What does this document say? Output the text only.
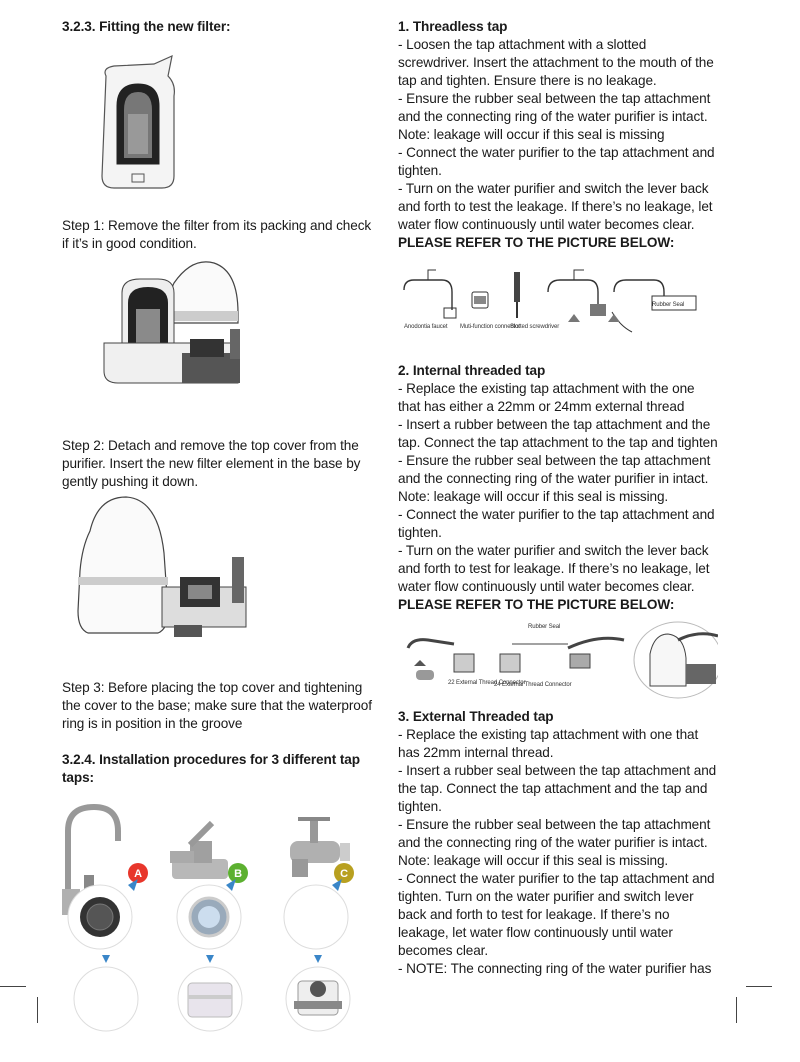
3.2.3. Fitting the new filter:

Step 1: Remove the filter from its packing and check if it’s in good condition.

Step 2: Detach and remove the top cover from the purifier. Insert the new filter element in the base by gently pushing it down.

Step 3: Before placing the top cover and tightening the cover to the base; make sure that the waterproof ring is in position in the groove

3.2.4. Installation procedures for 3 different tap taps:

A	B	C

1. Threadless tap

- Loosen the tap attachment with a slotted screwdriver. Insert the attachment to the mouth of the tap and tighten. Ensure there is no leakage.

- Ensure the rubber seal between the tap attachment and the connecting ring of the water purifier is intact.

Note: leakage will occur if this seal is missing

- Connect the water purifier to the tap attachment and tighten.

- Turn on the water purifier and switch the lever back and forth to test the leakage. If there’s no leakage, let water flow continuously until water becomes clear.

PLEASE REFER TO THE PICTURE BELOW:

Anodontia faucet Muti-function connector
Slotted screwdriver
Rubber Seal

2. Internal threaded tap

- Replace the existing tap attachment with the one that has either a 22mm or 24mm external thread

- Insert a rubber between the tap attachment and the tap. Connect the tap attachment to the tap and tighten

- Ensure the rubber seal between the tap attachment and the connecting ring of the water purifier in intact.

Note: leakage will occur if this seal is missing.

- Connect the water purifier to the tap attachment and tighten.

- Turn on the water purifier and switch the lever back and forth to test for leakage. If there’s no leakage, let water flow continuously until water becomes clear.

PLEASE REFER TO THE PICTURE BELOW:

22 External Thread Connector
24 External Thread Connector
Rubber Seal

3. External Threaded tap

- Replace the existing tap attachment with one that has 22mm internal thread.

- Insert a rubber seal between the tap attachment and the tap. Connect the tap attachment and the tap and tighten.

- Ensure the rubber seal between the tap attachment and the connecting ring of the water purifier is intact.

Note: leakage will occur if this seal is missing.

- Connect the water purifier to the tap attachment and tighten. Turn on the water purifier and switch lever back and forth to test for leakage. If there’s no leakage, let water flow continuously until water becomes clear.

- NOTE: The connecting ring of the water purifier has
